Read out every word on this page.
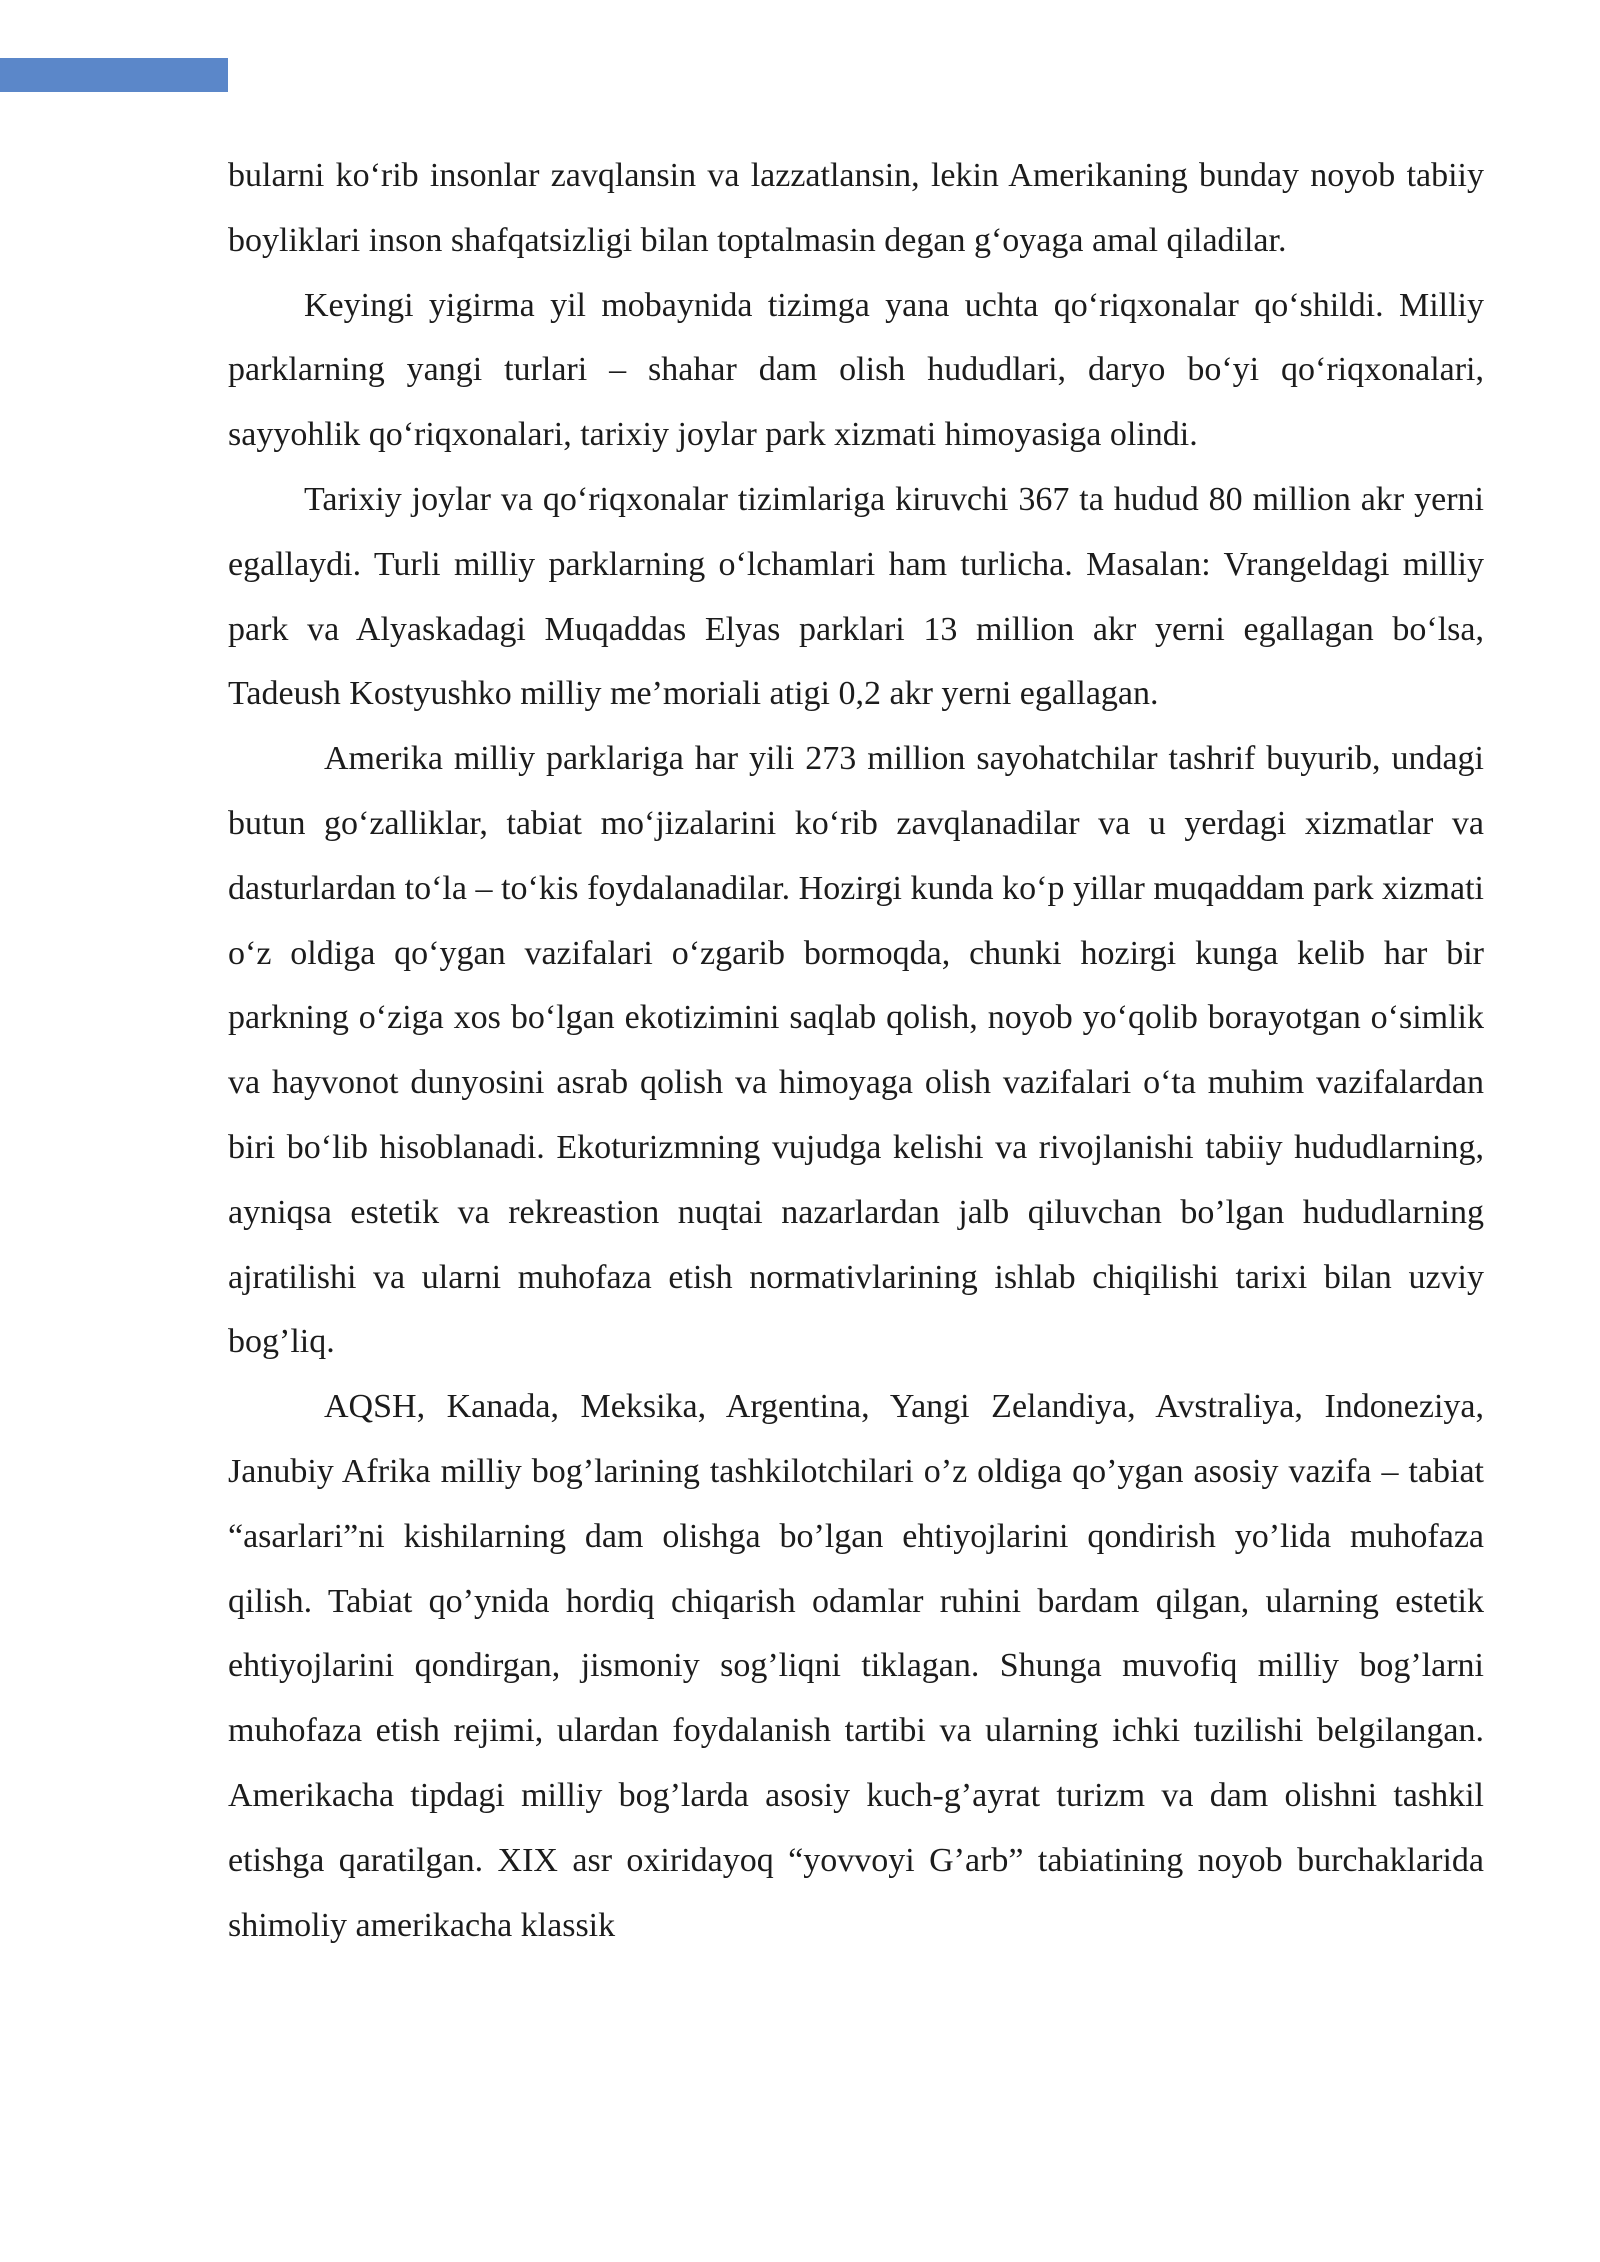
bularni ko‘rib insonlar zavqlansin va lazzatlansin, lekin Amerikaning bunday noyob tabiiy boyliklari inson shafqatsizligi bilan toptalmasin degan g‘oyaga amal qiladilar.

Keyingi yigirma yil mobaynida tizimga yana uchta qo‘riqxonalar qo‘shildi. Milliy parklarning yangi turlari – shahar dam olish hududlari, daryo bo‘yi qo‘riqxonalari, sayyohlik qo‘riqxonalari, tarixiy joylar park xizmati himoyasiga olindi.

Tarixiy joylar va qo‘riqxonalar tizimlariga kiruvchi 367 ta hudud 80 million akr yerni egallaydi. Turli milliy parklarning o‘lchamlari ham turlicha. Masalan: Vrangeldagi milliy park va Alyaskadagi Muqaddas Elyas parklari 13 million akr yerni egallagan bo‘lsa, Tadeush Kostyushko milliy me’moriali atigi 0,2 akr yerni egallagan.

Amerika milliy parklariga har yili 273 million sayohatchilar tashrif buyurib, undagi butun go‘zalliklar, tabiat mo‘jizalarini ko‘rib zavqlanadilar va u yerdagi xizmatlar va dasturlardan to‘la – to‘kis foydalanadilar. Hozirgi kunda ko‘p yillar muqaddam park xizmati o‘z oldiga qo‘ygan vazifalari o‘zgarib bormoqda, chunki hozirgi kunga kelib har bir parkning o‘ziga xos bo‘lgan ekotizimini saqlab qolish, noyob yo‘qolib borayotgan o‘simlik va hayvonot dunyosini asrab qolish va himoyaga olish vazifalari o‘ta muhim vazifalardan biri bo‘lib hisoblanadi. Ekoturizmning vujudga kelishi va rivojlanishi tabiiy hududlarning, ayniqsa estetik va rekreastion nuqtai nazarlardan jalb qiluvchan bo’lgan hududlarning ajratilishi va ularni muhofaza etish normativlarining ishlab chiqilishi tarixi bilan uzviy bog’liq.

AQSH, Kanada, Meksika, Argentina, Yangi Zelandiya, Avstraliya, Indoneziya, Janubiy Afrika milliy bog’larining tashkilotchilari o’z oldiga qo’ygan asosiy vazifa – tabiat “asarlari”ni kishilarning dam olishga bo’lgan ehtiyojlarini qondirish yo’lida muhofaza qilish. Tabiat qo’ynida hordiq chiqarish odamlar ruhini bardam qilgan, ularning estetik ehtiyojlarini qondirgan, jismoniy sog’liqni tiklagan. Shunga muvofiq milliy bog’larni muhofaza etish rejimi, ulardan foydalanish tartibi va ularning ichki tuzilishi belgilangan. Amerikacha tipdagi milliy bog’larda asosiy kuch-g’ayrat turizm va dam olishni tashkil etishga qaratilgan. XIX asr oxiridayoq “yovvoyi G’arb” tabiatining noyob burchaklarida shimoliy amerikacha klassik
